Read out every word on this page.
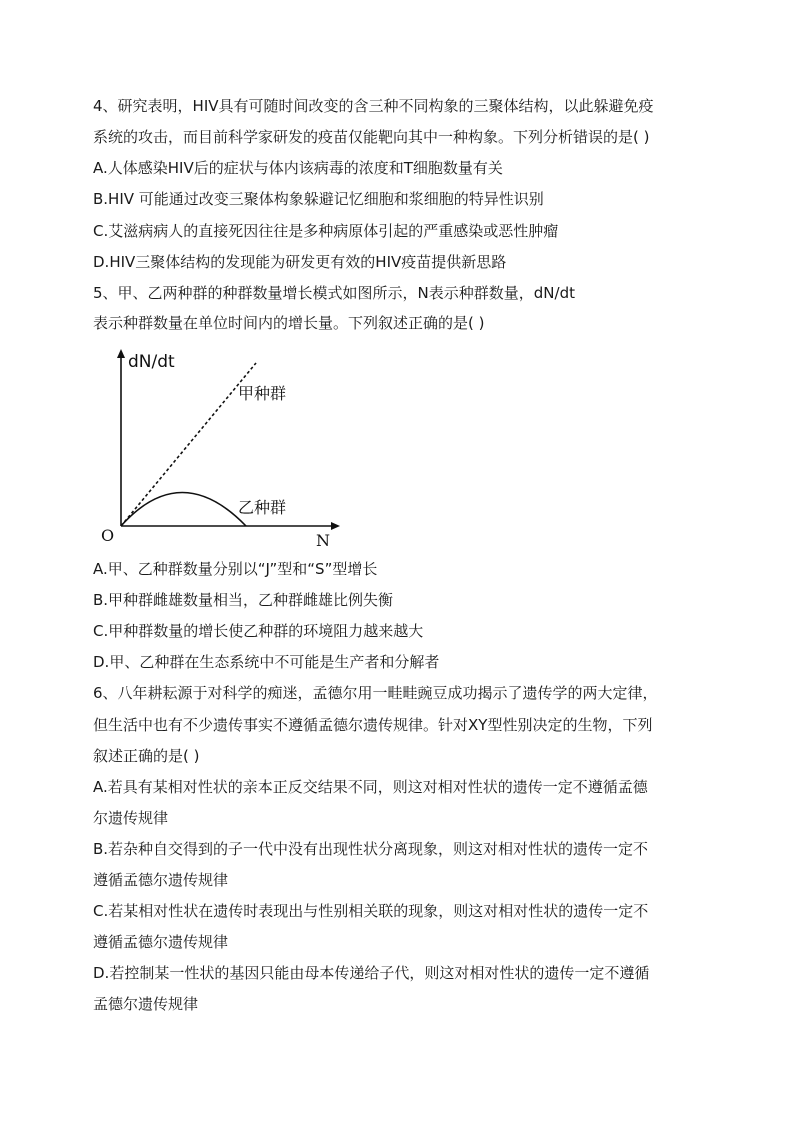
4、研究表明，HIV具有可随时间改变的含三种不同构象的三聚体结构，以此躲避免疫
系统的攻击，而目前科学家研发的疫苗仅能靶向其中一种构象。下列分析错误的是( )
A.人体感染HIV后的症状与体内该病毒的浓度和T细胞数量有关
B.HIV 可能通过改变三聚体构象躲避记忆细胞和浆细胞的特异性识别
C.艾滋病病人的直接死因往往是多种病原体引起的严重感染或恶性肿瘤
D.HIV三聚体结构的发现能为研发更有效的HIV疫苗提供新思路
5、甲、乙两种群的种群数量增长模式如图所示，N表示种群数量，dN/dt
表示种群数量在单位时间内的增长量。下列叙述正确的是( )
dN/dt
甲种群
乙种群
O	N
A.甲、乙种群数量分别以“J”型和“S”型增长
B.甲种群雌雄数量相当，乙种群雌雄比例失衡
C.甲种群数量的增长使乙种群的环境阻力越来越大
D.甲、乙种群在生态系统中不可能是生产者和分解者
6、八年耕耘源于对科学的痴迷，孟德尔用一畦畦豌豆成功揭示了遗传学的两大定律，
但生活中也有不少遗传事实不遵循孟德尔遗传规律。针对XY型性别决定的生物，下列
叙述正确的是( )
A.若具有某相对性状的亲本正反交结果不同，则这对相对性状的遗传一定不遵循孟德
尔遗传规律
B.若杂种自交得到的子一代中没有出现性状分离现象，则这对相对性状的遗传一定不
遵循孟德尔遗传规律
C.若某相对性状在遗传时表现出与性别相关联的现象，则这对相对性状的遗传一定不
遵循孟德尔遗传规律
D.若控制某一性状的基因只能由母本传递给子代，则这对相对性状的遗传一定不遵循
孟德尔遗传规律
